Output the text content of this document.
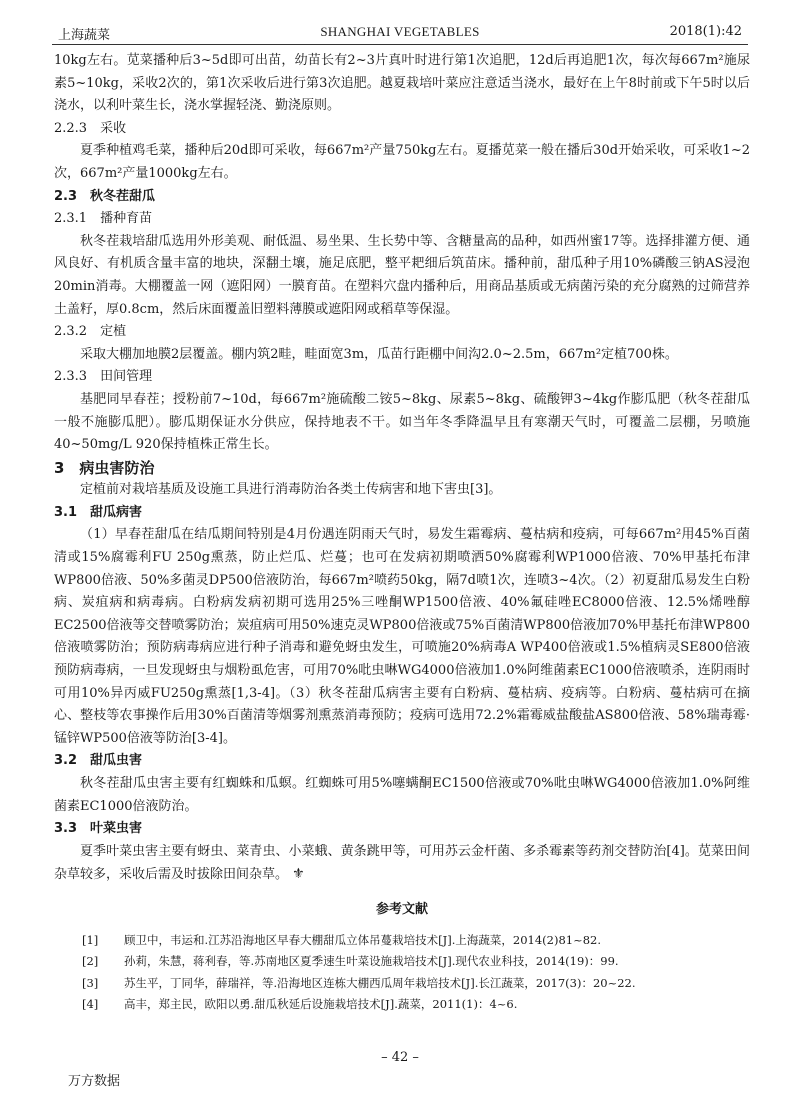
上海蔬菜	SHANGHAI VEGETABLES	2018(1):42

10kg左右。苋菜播种后3~5d即可出苗，幼苗长有2~3片真叶时进行第1次追肥，12d后再追肥1次，每次每667m²施尿素5~10kg，采收2次的，第1次采收后进行第3次追肥。越夏栽培叶菜应注意适当浇水，最好在上午8时前或下午5时以后浇水，以利叶菜生长，浇水掌握轻浇、勤浇原则。

2.2.3　采收

夏季种植鸡毛菜，播种后20d即可采收，每667m²产量750kg左右。夏播苋菜一般在播后30d开始采收，可采收1~2次，667m²产量1000kg左右。

2.3　秋冬茬甜瓜

2.3.1　播种育苗

秋冬茬栽培甜瓜选用外形美观、耐低温、易坐果、生长势中等、含糖量高的品种，如西州蜜17等。选择排灌方便、通风良好、有机质含量丰富的地块，深翻土壤，施足底肥，整平耙细后筑苗床。播种前，甜瓜种子用10%磷酸三钠AS浸泡20min消毒。大棚覆盖一网（遮阳网）一膜育苗。在塑料穴盘内播种后，用商品基质或无病菌污染的充分腐熟的过筛营养土盖籽，厚0.8cm，然后床面覆盖旧塑料薄膜或遮阳网或稻草等保湿。

2.3.2　定植

采取大棚加地膜2层覆盖。棚内筑2畦，畦面宽3m，瓜苗行距棚中间沟2.0~2.5m，667m²定植700株。

2.3.3　田间管理

基肥同早春茬；授粉前7~10d，每667m²施硫酸二铵5~8kg、尿素5~8kg、硫酸钾3~4kg作膨瓜肥（秋冬茬甜瓜一般不施膨瓜肥）。膨瓜期保证水分供应，保持地表不干。如当年冬季降温早且有寒潮天气时，可覆盖二层棚，另喷施40~50mg/L 920保持植株正常生长。

3　病虫害防治

定植前对栽培基质及设施工具进行消毒防治各类土传病害和地下害虫[3]。

3.1　甜瓜病害

（1）早春茬甜瓜在结瓜期间特别是4月份遇连阴雨天气时，易发生霜霉病、蔓枯病和疫病，可每667m²用45%百菌清或15%腐霉利FU 250g熏蒸，防止烂瓜、烂蔓；也可在发病初期喷洒50%腐霉利WP1000倍液、70%甲基托布津WP800倍液、50%多菌灵DP500倍液防治，每667m²喷药50kg，隔7d喷1次，连喷3~4次。（2）初夏甜瓜易发生白粉病、炭疽病和病毒病。白粉病发病初期可选用25%三唑酮WP1500倍液、40%氟硅唑EC8000倍液、12.5%烯唑醇EC2500倍液等交替喷雾防治；炭疽病可用50%速克灵WP800倍液或75%百菌清WP800倍液加70%甲基托布津WP800倍液喷雾防治；预防病毒病应进行种子消毒和避免蚜虫发生，可喷施20%病毒A WP400倍液或1.5%植病灵SE800倍液预防病毒病，一旦发现蚜虫与烟粉虱危害，可用70%吡虫啉WG4000倍液加1.0%阿维菌素EC1000倍液喷杀，连阴雨时可用10%异丙威FU250g熏蒸[1,3-4]。（3）秋冬茬甜瓜病害主要有白粉病、蔓枯病、疫病等。白粉病、蔓枯病可在摘心、整枝等农事操作后用30%百菌清等烟雾剂熏蒸消毒预防；疫病可选用72.2%霜霉威盐酸盐AS800倍液、58%瑞毒霉·锰锌WP500倍液等防治[3-4]。

3.2　甜瓜虫害

秋冬茬甜瓜虫害主要有红蜘蛛和瓜螟。红蜘蛛可用5%噻螨酮EC1500倍液或70%吡虫啉WG4000倍液加1.0%阿维菌素EC1000倍液防治。

3.3　叶菜虫害

夏季叶菜虫害主要有蚜虫、菜青虫、小菜蛾、黄条跳甲等，可用苏云金杆菌、多杀霉素等药剂交替防治[4]。苋菜田间杂草较多，采收后需及时拔除田间杂草。 ⚜

参考文献
[1]	顾卫中，韦运和.江苏沿海地区早春大棚甜瓜立体吊蔓栽培技术[J].上海蔬菜，2014(2)81~82.
[2]	孙莉，朱慧，蒋利春，等.苏南地区夏季速生叶菜设施栽培技术[J].现代农业科技，2014(19)：99.
[3]	苏生平，丁同华，薛瑞祥，等.沿海地区连栋大棚西瓜周年栽培技术[J].长江蔬菜，2017(3)：20~22.
[4]	高丰，郑主民，欧阳以勇.甜瓜秋延后设施栽培技术[J].蔬菜，2011(1)：4~6.
– 42 –
万方数据
